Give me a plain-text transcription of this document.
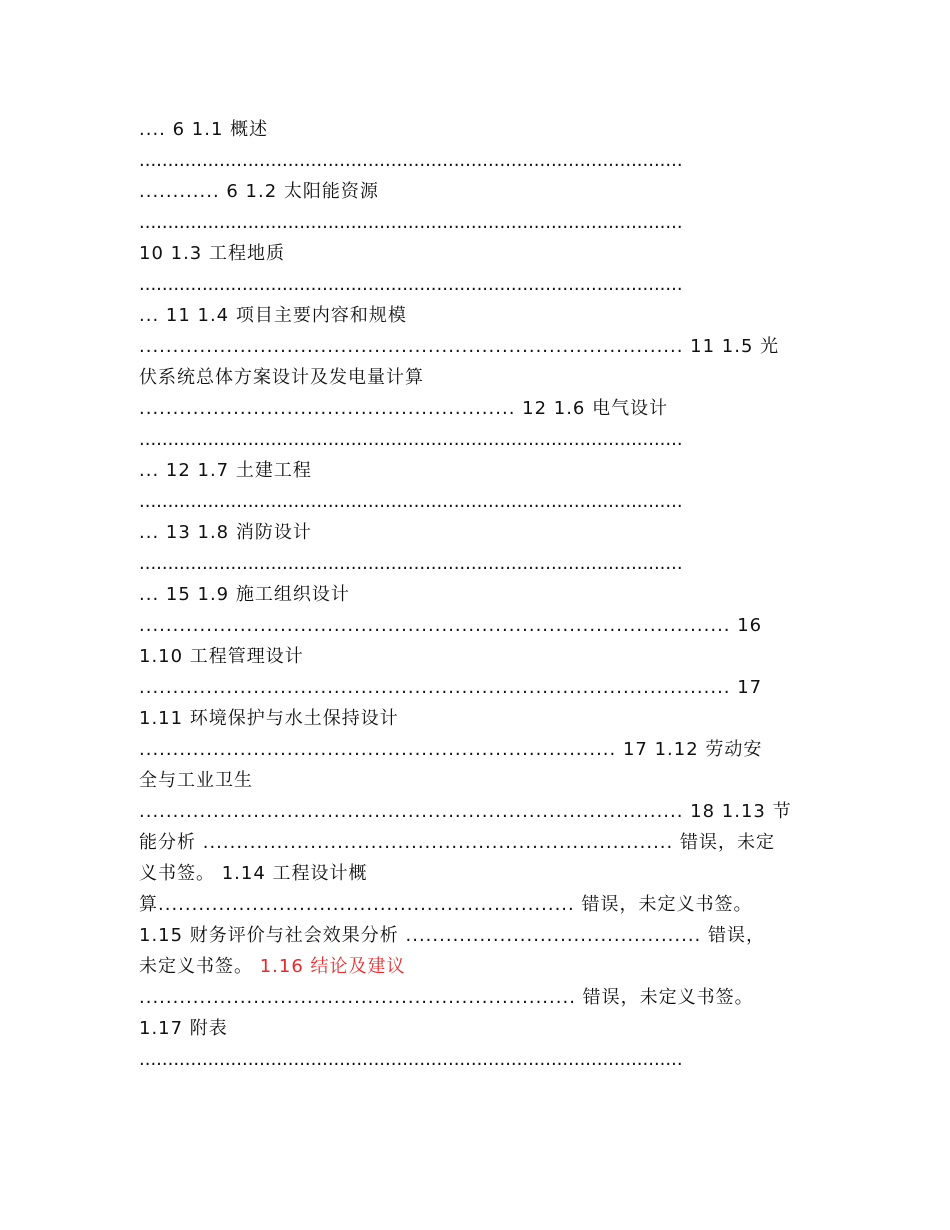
.... 6 1.1 概述
...............................................................................................
............ 6 1.2 太阳能资源
...............................................................................................
10 1.3 工程地质
...............................................................................................
... 11 1.4 项目主要内容和规模
................................................................................. 11 1.5 光
伏系统总体方案设计及发电量计算
........................................................ 12 1.6 电气设计
...............................................................................................
... 12 1.7 土建工程
...............................................................................................
... 13 1.8 消防设计
...............................................................................................
... 15 1.9 施工组织设计
........................................................................................ 16
1.10 工程管理设计
........................................................................................ 17
1.11 环境保护与水土保持设计
....................................................................... 17 1.12 劳动安
全与工业卫生
................................................................................. 18 1.13 节
能分析 ...................................................................... 错误，未定
义书签。 1.14 工程设计概
算.............................................................. 错误，未定义书签。
1.15 财务评价与社会效果分析 ............................................ 错误，
未定义书签。 1.16 结论及建议
................................................................. 错误，未定义书签。
1.17 附表
...............................................................................................
